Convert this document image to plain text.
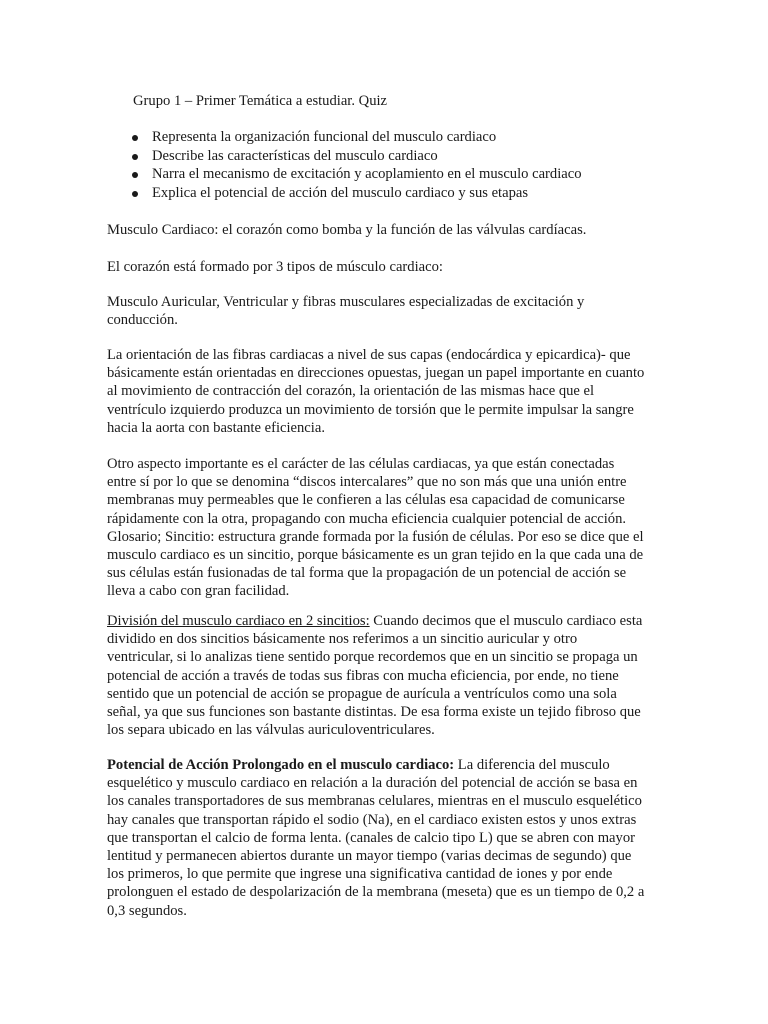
Grupo 1 – Primer Temática a estudiar. Quiz

Representa la organización funcional del musculo cardiaco
Describe las características del musculo cardiaco
Narra el mecanismo de excitación y acoplamiento en el musculo cardiaco
Explica el potencial de acción del musculo cardiaco y sus etapas

Musculo Cardiaco: el corazón como bomba y la función de las válvulas cardíacas.

El corazón está formado por 3 tipos de músculo cardiaco:

Musculo Auricular, Ventricular y fibras musculares especializadas de excitación y
conducción.

La orientación de las fibras cardiacas a nivel de sus capas (endocárdica y epicardica)- que
básicamente están orientadas en direcciones opuestas, juegan un papel importante en cuanto
al movimiento de contracción del corazón, la orientación de las mismas hace que el
ventrículo izquierdo produzca un movimiento de torsión que le permite impulsar la sangre
hacia la aorta con bastante eficiencia.

Otro aspecto importante es el carácter de las células cardiacas, ya que están conectadas
entre sí por lo que se denomina “discos intercalares” que no son más que una unión entre
membranas muy permeables que le confieren a las células esa capacidad de comunicarse
rápidamente con la otra, propagando con mucha eficiencia cualquier potencial de acción.
Glosario; Sincitio: estructura grande formada por la fusión de células. Por eso se dice que el
musculo cardiaco es un sincitio, porque básicamente es un gran tejido en la que cada una de
sus células están fusionadas de tal forma que la propagación de un potencial de acción se
lleva a cabo con gran facilidad.

División del musculo cardiaco en 2 sincitios: Cuando decimos que el musculo cardiaco esta
dividido en dos sincitios básicamente nos referimos a un sincitio auricular y otro
ventricular, si lo analizas tiene sentido porque recordemos que en un sincitio se propaga un
potencial de acción a través de todas sus fibras con mucha eficiencia, por ende, no tiene
sentido que un potencial de acción se propague de aurícula a ventrículos como una sola
señal, ya que sus funciones son bastante distintas. De esa forma existe un tejido fibroso que
los separa ubicado en las válvulas auriculoventriculares.

Potencial de Acción Prolongado en el musculo cardiaco: La diferencia del musculo
esquelético y musculo cardiaco en relación a la duración del potencial de acción se basa en
los canales transportadores de sus membranas celulares, mientras en el musculo esquelético
hay canales que transportan rápido el sodio (Na), en el cardiaco existen estos y unos extras
que transportan el calcio de forma lenta. (canales de calcio tipo L) que se abren con mayor
lentitud y permanecen abiertos durante un mayor tiempo (varias decimas de segundo) que
los primeros, lo que permite que ingrese una significativa cantidad de iones y por ende
prolonguen el estado de despolarización de la membrana (meseta) que es un tiempo de 0,2 a
0,3 segundos.
